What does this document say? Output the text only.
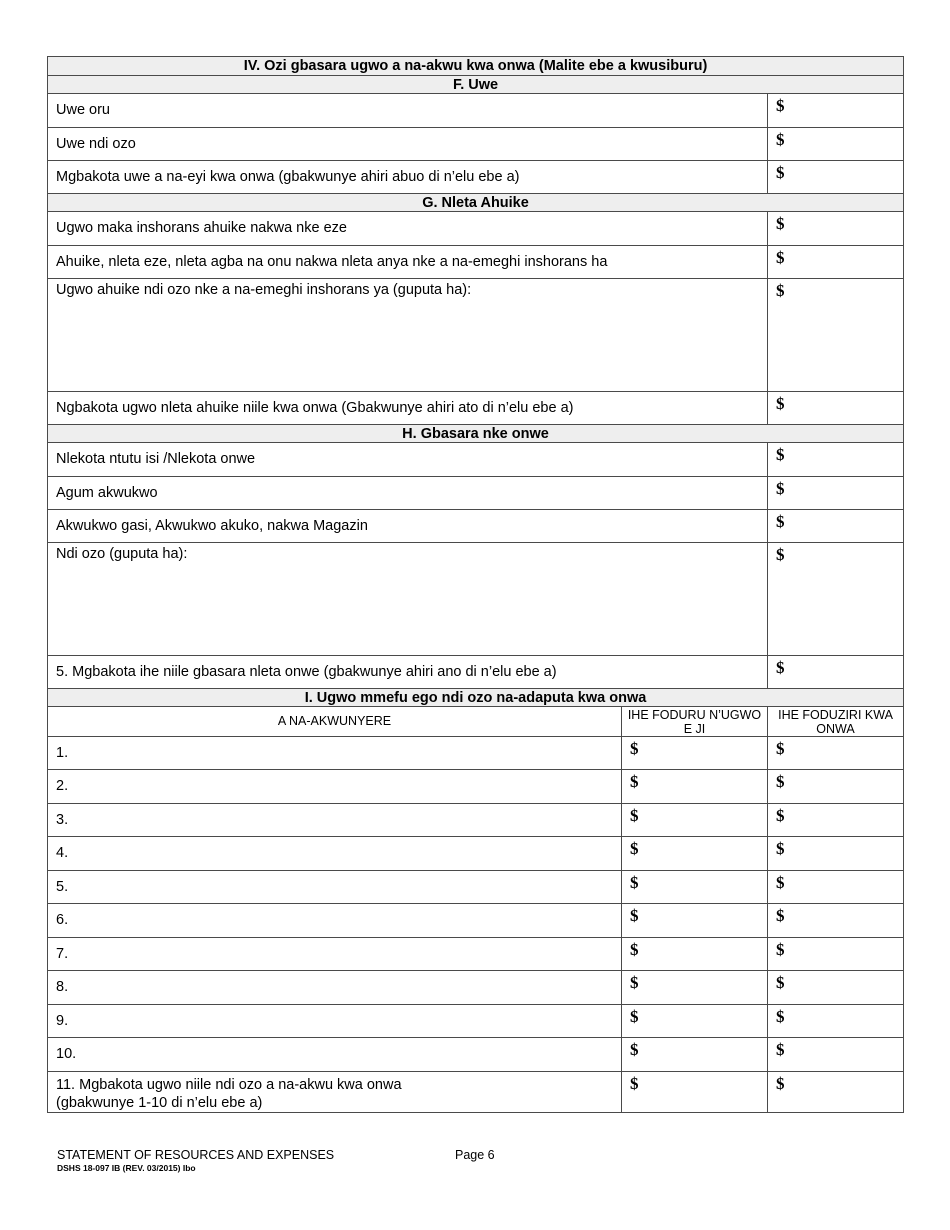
IV. Ozi gbasara ugwo a na-akwu kwa onwa (Malite ebe a kwusiburu)		
F. Uwe		
Uwe oru		$
Uwe ndi ozo		$
Mgbakota uwe a na-eyi kwa onwa (gbakwunye ahiri abuo di n’elu ebe a)		$
G. Nleta Ahuike		
Ugwo maka inshorans ahuike nakwa nke eze		$
Ahuike, nleta eze, nleta agba na onu nakwa nleta anya nke a na-emeghi inshorans ha		$
Ugwo ahuike ndi ozo nke a na-emeghi inshorans ya (guputa ha):		$
Ngbakota ugwo nleta ahuike niile kwa onwa (Gbakwunye ahiri ato di n’elu ebe a)		$
H. Gbasara nke onwe		
Nlekota ntutu isi /Nlekota onwe		$
Agum akwukwo		$
Akwukwo gasi, Akwukwo akuko, nakwa Magazin		$
Ndi ozo (guputa ha):		$
5. Mgbakota ihe niile gbasara nleta onwe (gbakwunye ahiri ano di n’elu ebe a)		$
I. Ugwo mmefu ego ndi ozo na-adaputa kwa onwa		
A NA-AKWUNYERE	IHE FODURU N’UGWO E JI	IHE FODUZIRI KWA ONWA
1.	$	$
2.	$	$
3.	$	$
4.	$	$
5.	$	$
6.	$	$
7.	$	$
8.	$	$
9.	$	$
10.	$	$

11. Mgbakota ugwo niile ndi ozo a na-akwu kwa onwa
(gbakwunye 1-10 di n’elu ebe a)	$	$
STATEMENT OF RESOURCES AND EXPENSES
DSHS 18-097 IB (REV. 03/2015) Ibo
Page 6
